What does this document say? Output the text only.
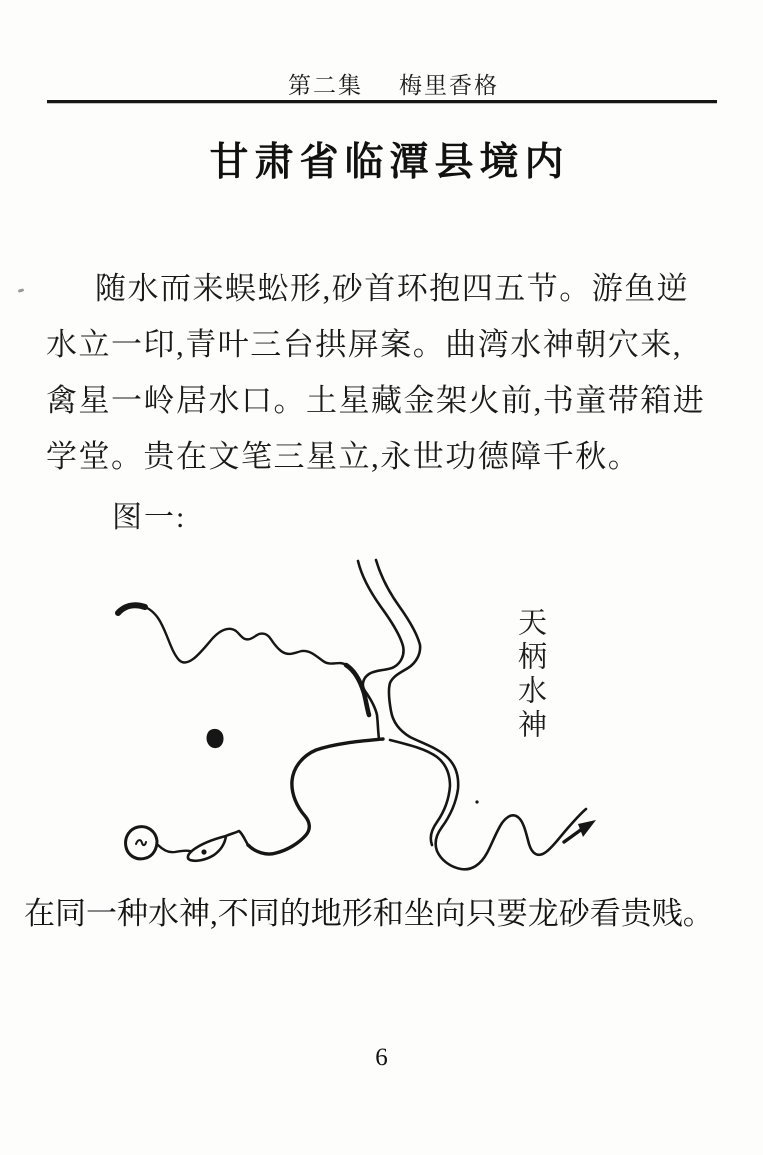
第二集 梅里香格
甘肃省临潭县境内
随水而来蜈蚣形,砂首环抱四五节。游鱼逆
水立一印,青叶三台拱屏案。曲湾水神朝穴来,
禽星一岭居水口。土星藏金架火前,书童带箱进
学堂。贵在文笔三星立,永世功德障千秋。
图一:
天柄水神
在同一种水神,不同的地形和坐向只要龙砂看贵贱。
6
